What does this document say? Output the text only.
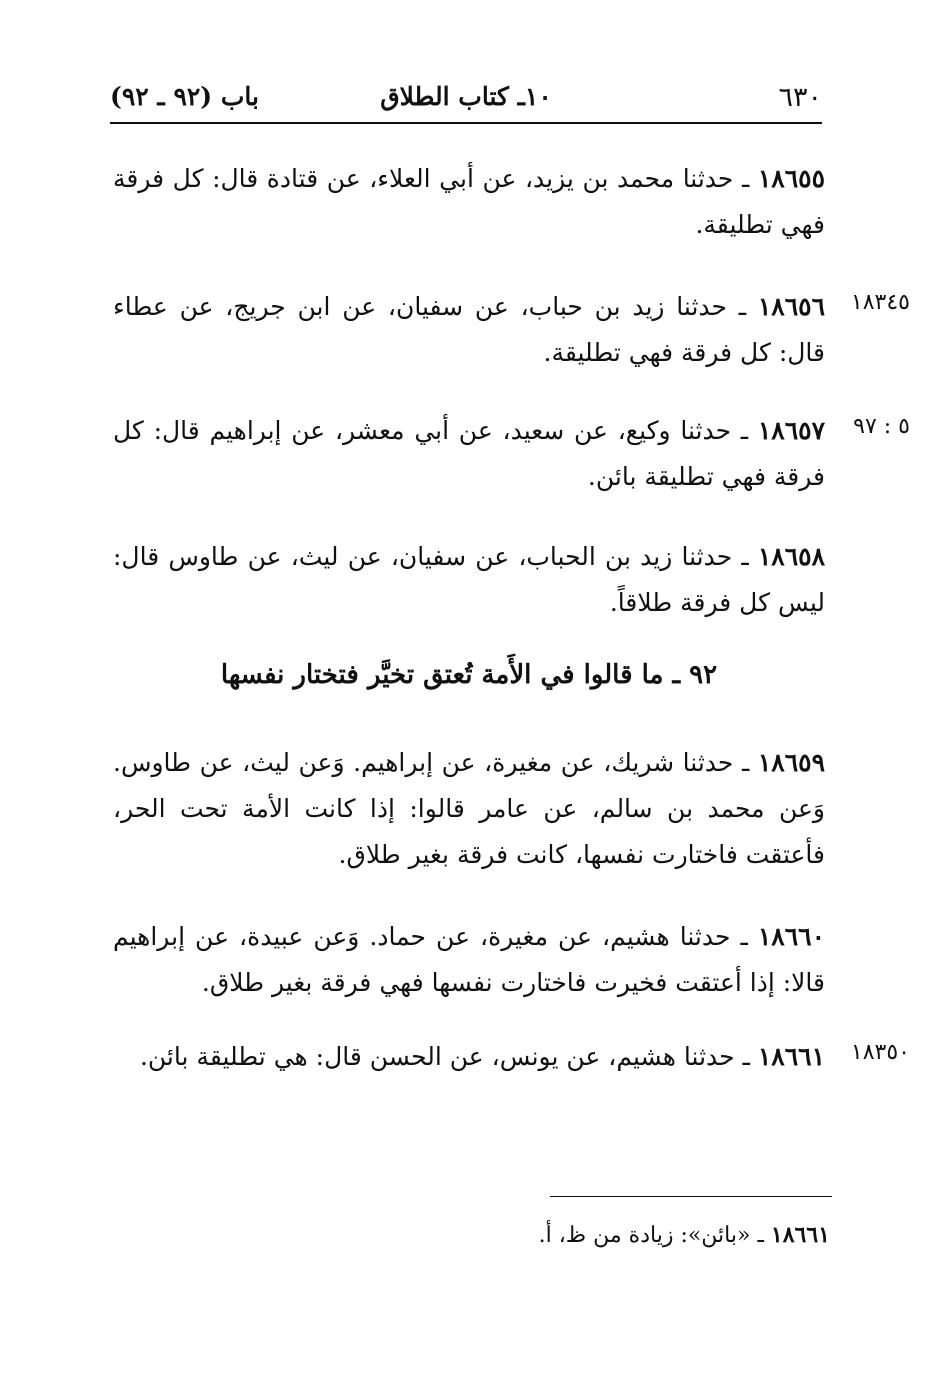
٦٣٠
١٠ـ كتاب الطلاق
باب (٩٢ ـ ٩٢)
١٨٦٥٥ ـ حدثنا محمد بن يزيد، عن أبي العلاء، عن قتادة قال: كل فرقة فهي تطليقة.
١٨٦٥٦ ـ حدثنا زيد بن حباب، عن سفيان، عن ابن جريج، عن عطاء قال: كل فرقة فهي تطليقة.
١٨٣٤٥
١٨٦٥٧ ـ حدثنا وكيع، عن سعيد، عن أبي معشر، عن إبراهيم قال: كل فرقة فهي تطليقة بائن.
٥ : ٩٧
١٨٦٥٨ ـ حدثنا زيد بن الحباب، عن سفيان، عن ليث، عن طاوس قال: ليس كل فرقة طلاقاً.
٩٢ ـ ما قالوا في الأَمة تُعتق تخيَّر فتختار نفسها
١٨٦٥٩ ـ حدثنا شريك، عن مغيرة، عن إبراهيم. وَعن ليث، عن طاوس. وَعن محمد بن سالم، عن عامر قالوا: إذا كانت الأمة تحت الحر، فأعتقت فاختارت نفسها، كانت فرقة بغير طلاق.
١٨٦٦٠ ـ حدثنا هشيم، عن مغيرة، عن حماد. وَعن عبيدة، عن إبراهيم قالا: إذا أعتقت فخيرت فاختارت نفسها فهي فرقة بغير طلاق.
١٨٦٦١ ـ حدثنا هشيم، عن يونس، عن الحسن قال: هي تطليقة بائن.	١٨٣٥٠
١٨٦٦١ ـ «بائن»: زيادة من ظ، أ.
